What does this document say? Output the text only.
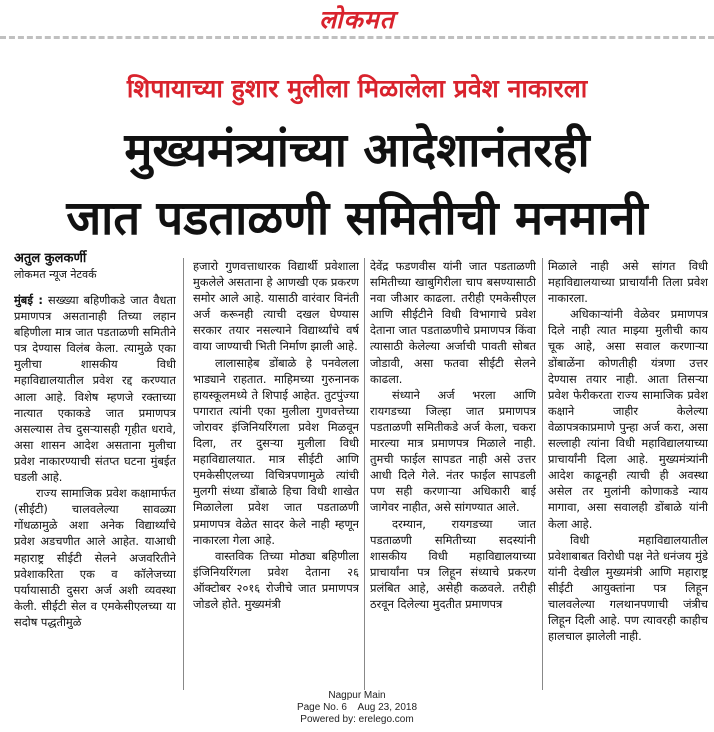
लोकमत
शिपायाच्या हुशार मुलीला मिळालेला प्रवेश नाकारला
मुख्यमंत्र्यांच्या आदेशानंतरही
जात पडताळणी समितीची मनमानी
अतुल कुलकर्णी
लोकमत न्यूज नेटवर्क

मुंबई : सख्ख्या बहिणीकडे जात वैधता प्रमाणपत्र असतानाही तिच्या लहान बहिणीला मात्र जात पडताळणी समितीने पत्र देण्यास विलंब केला. त्यामुळे एका मुलीचा शासकीय विधी महाविद्यालयातील प्रवेश रद्द करण्यात आला आहे. विशेष म्हणजे रक्ताच्या नात्यात एकाकडे जात प्रमाणपत्र असल्यास तेच दुसऱ्यासही गृहीत धरावे, असा शासन आदेश असताना मुलीचा प्रवेश नाकारण्याची संतप्त घटना मुंबईत घडली आहे.

राज्य सामाजिक प्रवेश कक्षामार्फत (सीईटी) चालवलेल्या सावळ्या गोंधळामुळे अशा अनेक विद्यार्थ्यांचे प्रवेश अडचणीत आले आहेत. याआधी महाराष्ट्र सीईटी सेलने अजवरितीने प्रवेशाकरिता एक व कॉलेजच्या पर्यायासाठी दुसरा अर्ज अशी व्यवस्था केली. सीईटी सेल व एमकेसीएलच्या या सदोष पद्धतीमुळे

हजारो गुणवत्ताधारक विद्यार्थी प्रवेशाला मुकलेले असताना हे आणखी एक प्रकरण समोर आले आहे. यासाठी वारंवार विनंती अर्ज करूनही त्याची दखल घेण्यास सरकार तयार नसल्याने विद्यार्थ्यांचे वर्ष वाया जाण्याची भिती निर्माण झाली आहे.

लालासाहेब डोंबाळे हे पनवेलला भाड्याने राहतात. माहिमच्या गुरुनानक हायस्कूलमध्ये ते शिपाई आहेत. तुटपुंज्या पगारात त्यांनी एका मुलीला गुणवत्तेच्या जोरावर इंजिनियरिंगला प्रवेश मिळवून दिला, तर दुसऱ्या मुलीला विधी महाविद्यालयात. मात्र सीईटी आणि एमकेसीएलच्या विचित्रपणामुळे त्यांची मुलगी संध्या डोंबाळे हिचा विधी शाखेत मिळालेला प्रवेश जात पडताळणी प्रमाणपत्र वेळेत सादर केले नाही म्हणून नाकारला गेला आहे.

वास्तविक तिच्या मोठ्या बहिणीला इंजिनियरिंगला प्रवेश देताना २६ ऑक्टोबर २०१६ रोजीचे जात प्रमाणपत्र जोडले होते. मुख्यमंत्री

देवेंद्र फडणवीस यांनी जात पडताळणी समितीच्या खाबुगिरीला चाप बसण्यासाठी नवा जीआर काढला. तरीही एमकेसीएल आणि सीईटीने विधी विभागाचे प्रवेश देताना जात पडताळणीचे प्रमाणपत्र किंवा त्यासाठी केलेल्या अर्जाची पावती सोबत जोडावी, असा फतवा सीईटी सेलने काढला.

संध्याने अर्ज भरला आणि रायगडच्या जिल्हा जात प्रमाणपत्र पडताळणी समितीकडे अर्ज केला, चकरा मारल्या मात्र प्रमाणपत्र मिळाले नाही. तुमची फाईल सापडत नाही असे उत्तर आधी दिले गेले. नंतर फाईल सापडली पण सही करणाऱ्या अधिकारी बाई जागेवर नाहीत, असे सांगण्यात आले.

दरम्यान, रायगडच्या जात पडताळणी समितीच्या सदस्यांनी शासकीय विधी महाविद्यालयाच्या प्राचार्यांना पत्र लिहून संध्याचे प्रकरण प्रलंबित आहे, असेही कळवले. तरीही ठरवून दिलेल्या मुदतीत प्रमाणपत्र

मिळाले नाही असे सांगत विधी महाविद्यालयाच्या प्राचार्यांनी तिला प्रवेश नाकारला.

अधिकाऱ्यांनी वेळेवर प्रमाणपत्र दिले नाही त्यात माझ्या मुलीची काय चूक आहे, असा सवाल करणाऱ्या डोंबाळेंना कोणतीही यंत्रणा उत्तर देण्यास तयार नाही. आता तिसऱ्या प्रवेश फेरीकरता राज्य सामाजिक प्रवेश कक्षाने जाहीर केलेल्या वेळापत्रकाप्रमाणे पुन्हा अर्ज करा, असा सल्लाही त्यांना विधी महाविद्यालयाच्या प्राचार्यांनी दिला आहे. मुख्यमंत्र्यांनी आदेश काढूनही त्याची ही अवस्था असेल तर मुलांनी कोणाकडे न्याय मागावा, असा सवालही डोंबाळे यांनी केला आहे.

विधी महाविद्यालयातील प्रवेशाबाबत विरोधी पक्ष नेते धनंजय मुंडे यांनी देखील मुख्यमंत्री आणि महाराष्ट्र सीईटी आयुक्तांना पत्र लिहून चालवलेल्या गलथानपणाची जंत्रीच लिहून दिली आहे. पण त्यावरही काहीच हालचाल झालेली नाही.

Nagpur Main
Page No. 6    Aug 23, 2018
Powered by: erelego.com
